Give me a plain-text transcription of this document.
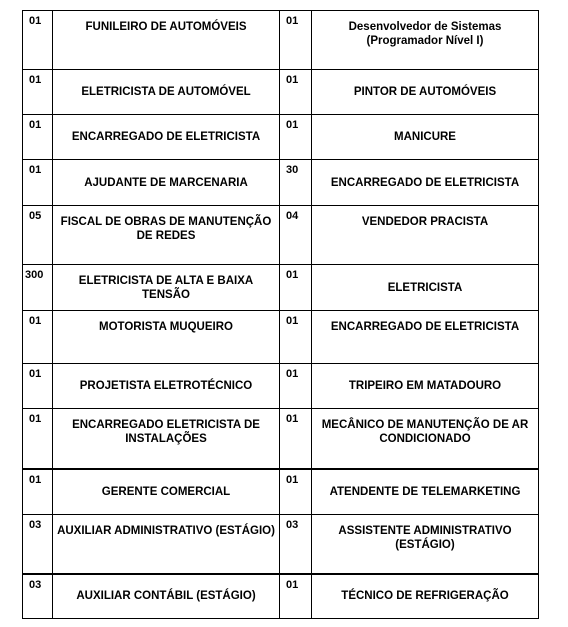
01	FUNILEIRO DE AUTOMÓVEIS	01	Desenvolvedor de Sistemas (Programador Nível I)
01	ELETRICISTA DE AUTOMÓVEL	01	PINTOR DE AUTOMÓVEIS
01	ENCARREGADO DE ELETRICISTA	01	MANICURE
01	AJUDANTE DE MARCENARIA	30	ENCARREGADO DE ELETRICISTA
05	FISCAL DE OBRAS DE MANUTENÇÃO DE REDES	04	VENDEDOR PRACISTA
300	ELETRICISTA DE ALTA E BAIXA TENSÃO	01	ELETRICISTA
01	MOTORISTA MUQUEIRO	01	ENCARREGADO DE ELETRICISTA
01	PROJETISTA ELETROTÉCNICO	01	TRIPEIRO EM MATADOURO
01	ENCARREGADO ELETRICISTA DE INSTALAÇÕES	01	MECÂNICO DE MANUTENÇÃO DE AR CONDICIONADO
01	GERENTE COMERCIAL	01	ATENDENTE DE TELEMARKETING
03	AUXILIAR ADMINISTRATIVO (ESTÁGIO)	03	ASSISTENTE ADMINISTRATIVO (ESTÁGIO)
03	AUXILIAR CONTÁBIL (ESTÁGIO)	01	TÉCNICO DE REFRIGERAÇÃO
